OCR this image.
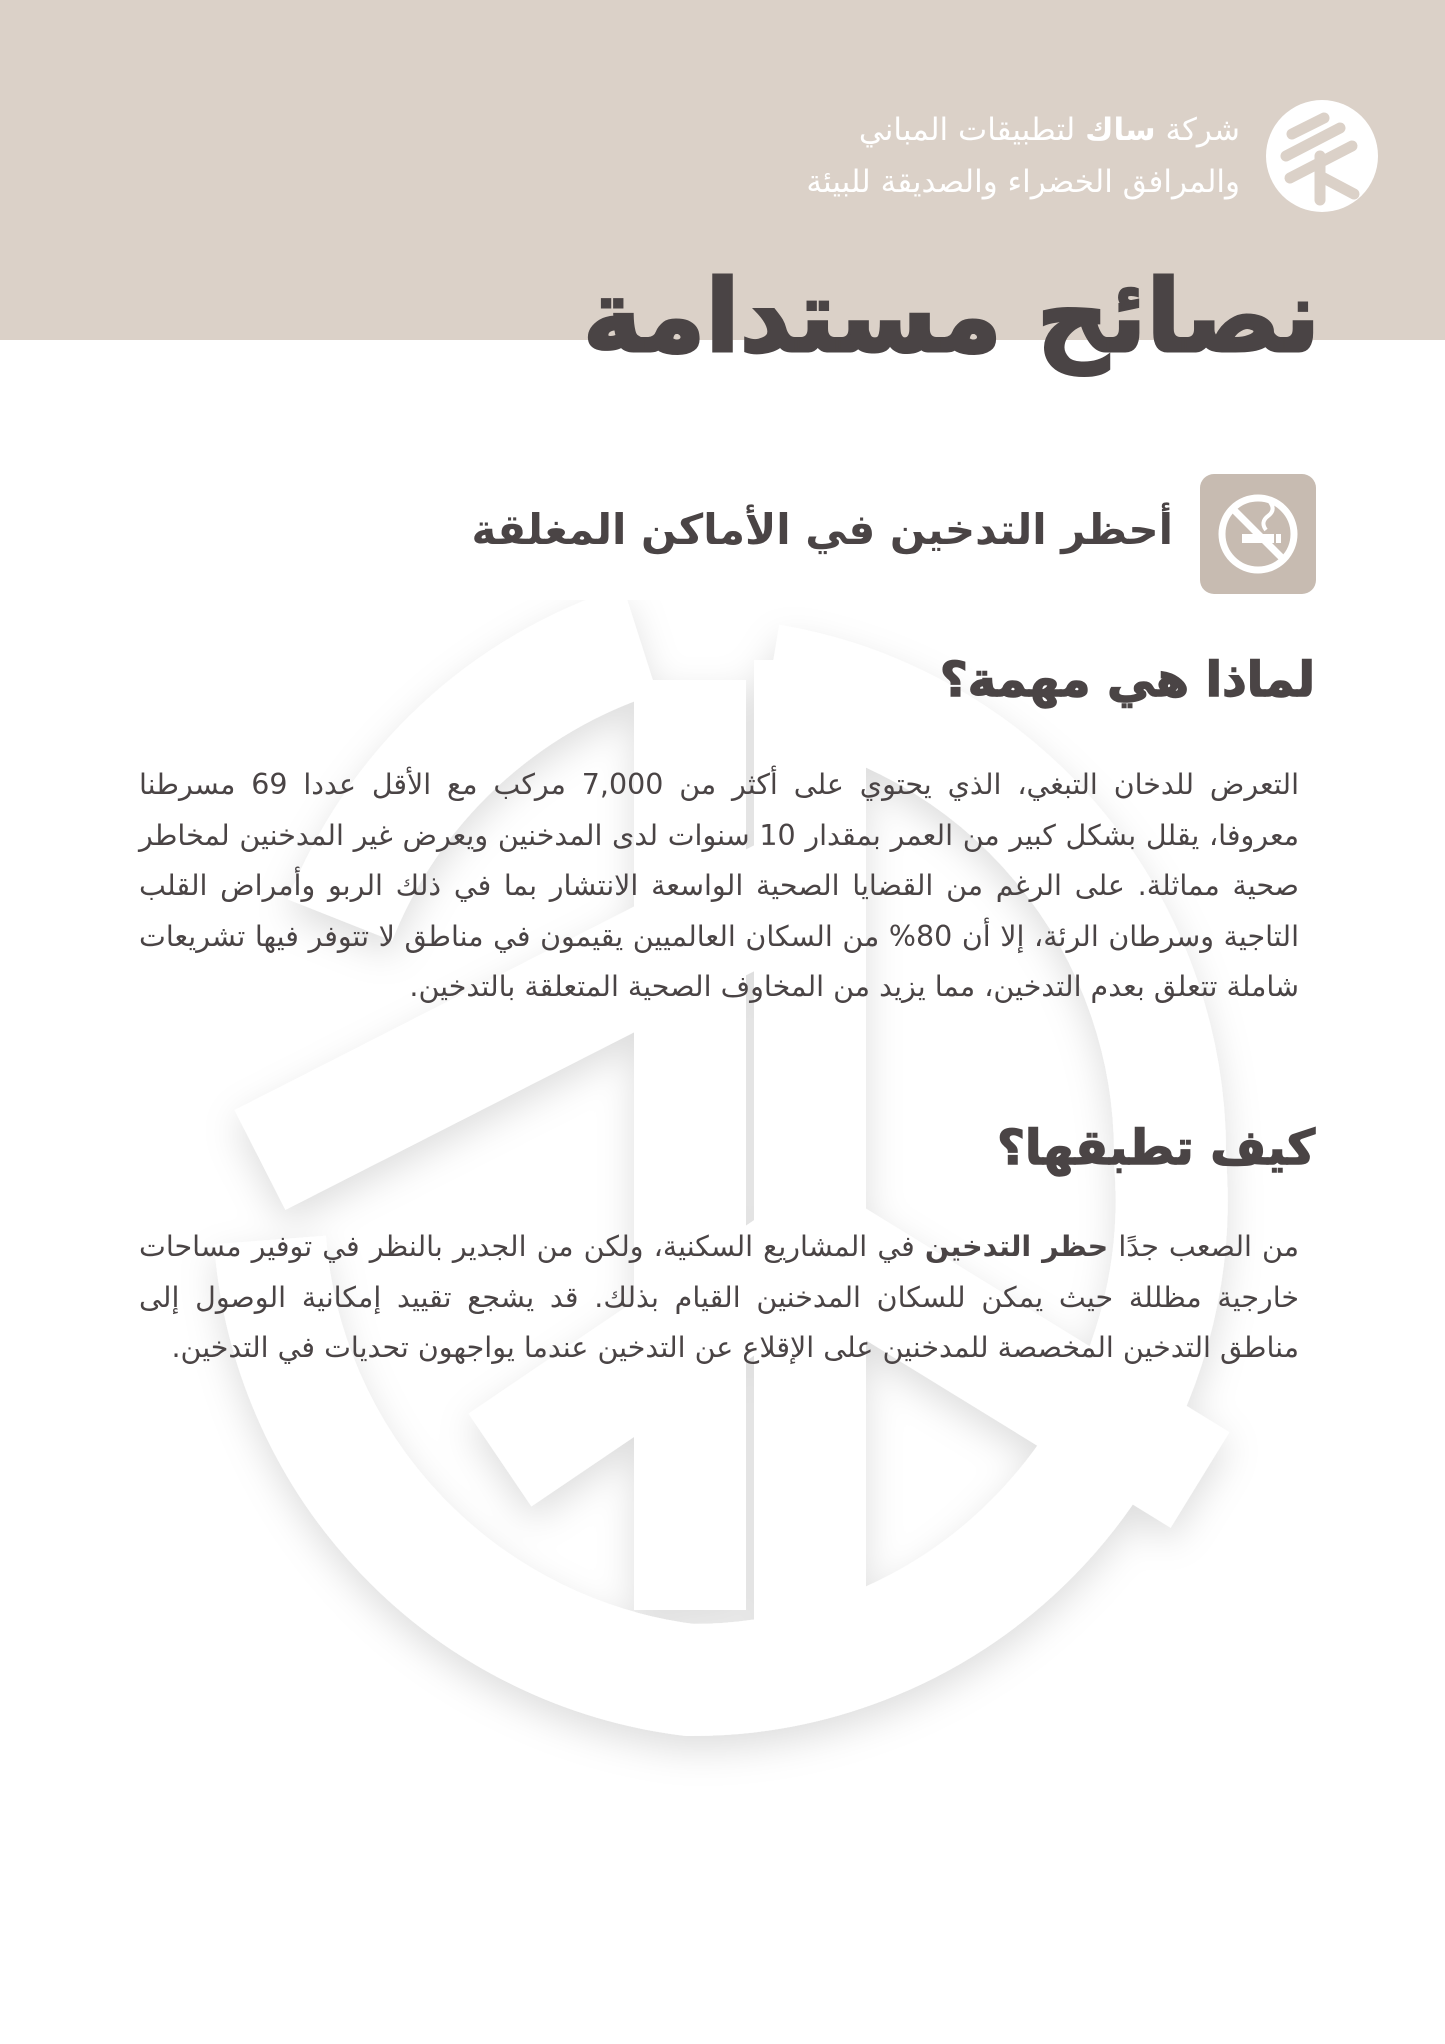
شركة ساك لتطبيقات المباني
والمرافق الخضراء والصديقة للبيئة
نصائح مستدامة
أحظر التدخين في الأماكن المغلقة
لماذا هي مهمة؟

التعرض للدخان التبغي، الذي يحتوي على أكثر من 7,000 مركب مع الأقل عددا 69 مسرطنا معروفا، يقلل بشكل كبير من العمر بمقدار 10 سنوات لدى المدخنين ويعرض غير المدخنين لمخاطر صحية مماثلة. على الرغم من القضايا الصحية الواسعة الانتشار بما في ذلك الربو وأمراض القلب التاجية وسرطان الرئة، إلا أن 80% من السكان العالميين يقيمون في مناطق لا تتوفر فيها تشريعات شاملة تتعلق بعدم التدخين، مما يزيد من المخاوف الصحية المتعلقة بالتدخين.

كيف تطبقها؟

من الصعب جدًا حظر التدخين في المشاريع السكنية، ولكن من الجدير بالنظر في توفير مساحات خارجية مظللة حيث يمكن للسكان المدخنين القيام بذلك. قد يشجع تقييد إمكانية الوصول إلى مناطق التدخين المخصصة للمدخنين على الإقلاع عن التدخين عندما يواجهون تحديات في التدخين.
